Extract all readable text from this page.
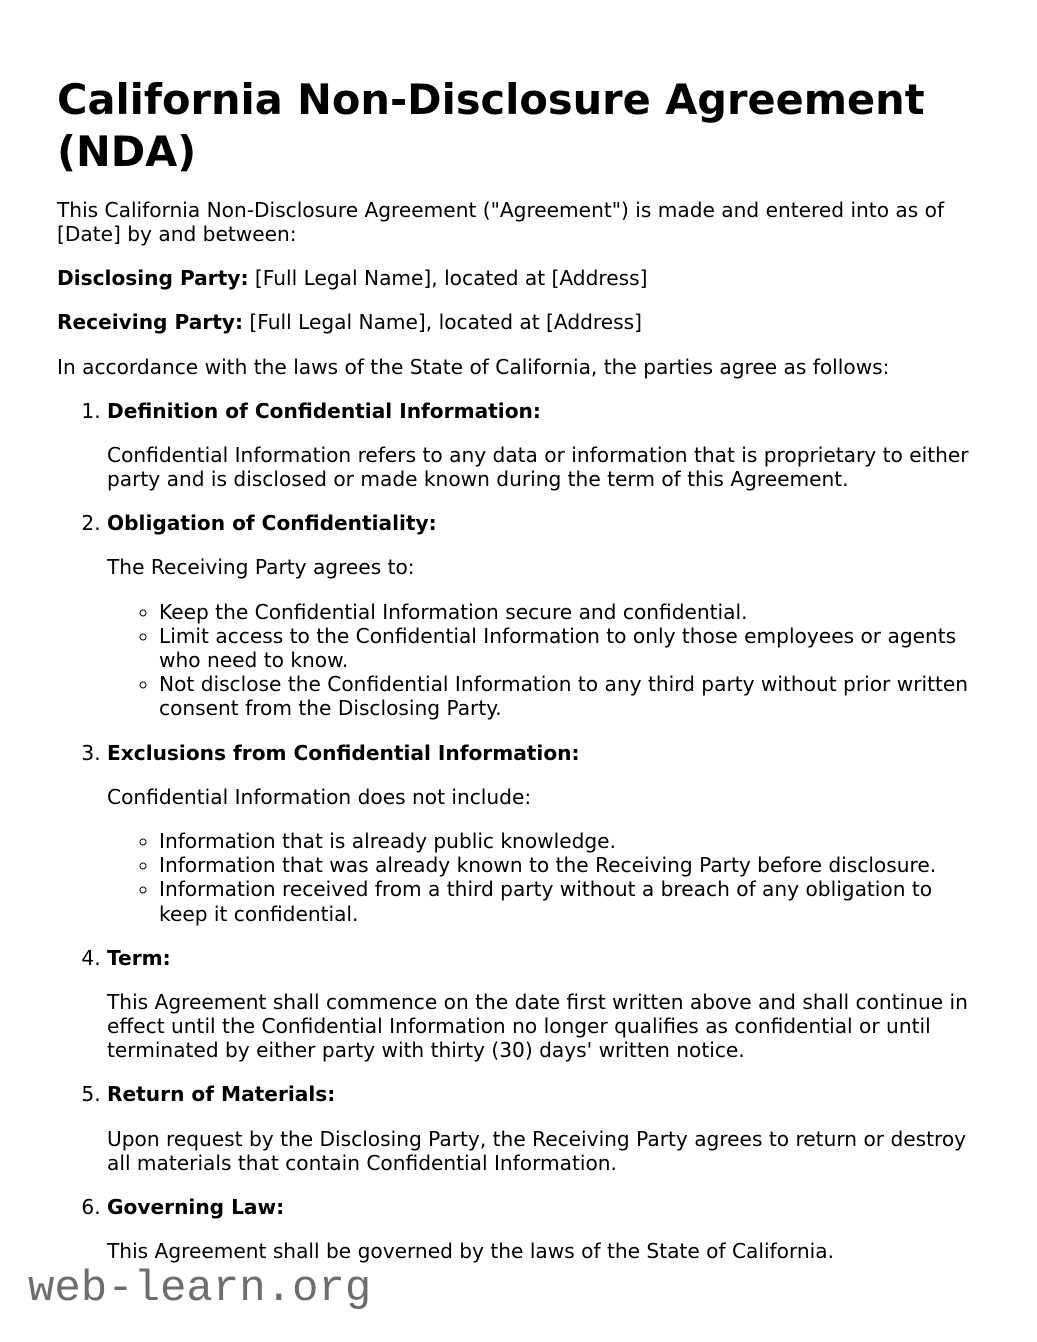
California Non-Disclosure Agreement (NDA)

This California Non-Disclosure Agreement ("Agreement") is made and entered into as of [Date] by and between:

Disclosing Party: [Full Legal Name], located at [Address]

Receiving Party: [Full Legal Name], located at [Address]

In accordance with the laws of the State of California, the parties agree as follows:

1. Definition of Confidential Information:

Confidential Information refers to any data or information that is proprietary to either party and is disclosed or made known during the term of this Agreement.

2. Obligation of Confidentiality:

The Receiving Party agrees to:

◦ Keep the Confidential Information secure and confidential.
◦ Limit access to the Confidential Information to only those employees or agents who need to know.
◦ Not disclose the Confidential Information to any third party without prior written consent from the Disclosing Party.

3. Exclusions from Confidential Information:

Confidential Information does not include:

◦ Information that is already public knowledge.
◦ Information that was already known to the Receiving Party before disclosure.
◦ Information received from a third party without a breach of any obligation to keep it confidential.

4. Term:

This Agreement shall commence on the date first written above and shall continue in effect until the Confidential Information no longer qualifies as confidential or until terminated by either party with thirty (30) days' written notice.

5. Return of Materials:

Upon request by the Disclosing Party, the Receiving Party agrees to return or destroy all materials that contain Confidential Information.

6. Governing Law:

This Agreement shall be governed by the laws of the State of California.

web-learn.org
